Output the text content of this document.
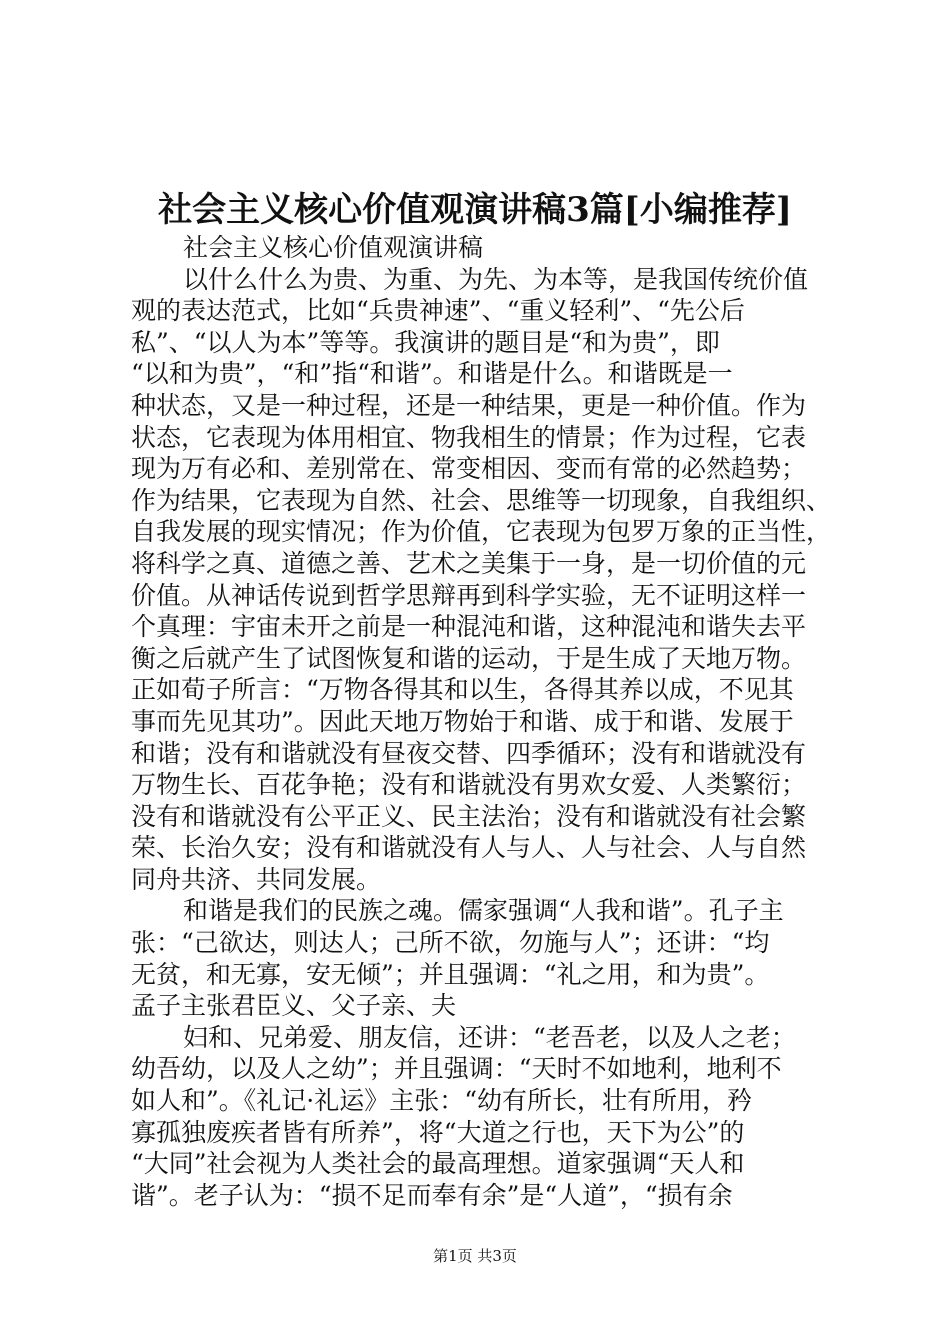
社会主义核心价值观演讲稿3篇[小编推荐]
社会主义核心价值观演讲稿
以什么什么为贵、为重、为先、为本等，是我国传统价值
观的表达范式，比如“兵贵神速”、“重义轻利”、“先公后
私”、“以人为本”等等。我演讲的题目是“和为贵”，即
“以和为贵”，“和”指“和谐”。和谐是什么。和谐既是一
种状态，又是一种过程，还是一种结果，更是一种价值。作为
状态，它表现为体用相宜、物我相生的情景；作为过程，它表
现为万有必和、差别常在、常变相因、变而有常的必然趋势；
作为结果，它表现为自然、社会、思维等一切现象，自我组织、
自我发展的现实情况；作为价值，它表现为包罗万象的正当性，
将科学之真、道德之善、艺术之美集于一身，是一切价值的元
价值。从神话传说到哲学思辩再到科学实验，无不证明这样一
个真理：宇宙未开之前是一种混沌和谐，这种混沌和谐失去平
衡之后就产生了试图恢复和谐的运动，于是生成了天地万物。
正如荀子所言：“万物各得其和以生，各得其养以成，不见其
事而先见其功”。因此天地万物始于和谐、成于和谐、发展于
和谐；没有和谐就没有昼夜交替、四季循环；没有和谐就没有
万物生长、百花争艳；没有和谐就没有男欢女爱、人类繁衍；
没有和谐就没有公平正义、民主法治；没有和谐就没有社会繁
荣、长治久安；没有和谐就没有人与人、人与社会、人与自然
同舟共济、共同发展。
和谐是我们的民族之魂。儒家强调“人我和谐”。孔子主
张：“己欲达，则达人；己所不欲，勿施与人”；还讲：“均
无贫，和无寡，安无倾”；并且强调：“礼之用，和为贵”。
孟子主张君臣义、父子亲、夫
妇和、兄弟爱、朋友信，还讲：“老吾老，以及人之老；
幼吾幼，以及人之幼”；并且强调：“天时不如地利，地利不
如人和”。《礼记·礼运》主张：“幼有所长，壮有所用，矜
寡孤独废疾者皆有所养”，将“大道之行也，天下为公”的
“大同”社会视为人类社会的最高理想。道家强调“天人和
谐”。老子认为：“损不足而奉有余”是“人道”，“损有余
第1页 共3页
